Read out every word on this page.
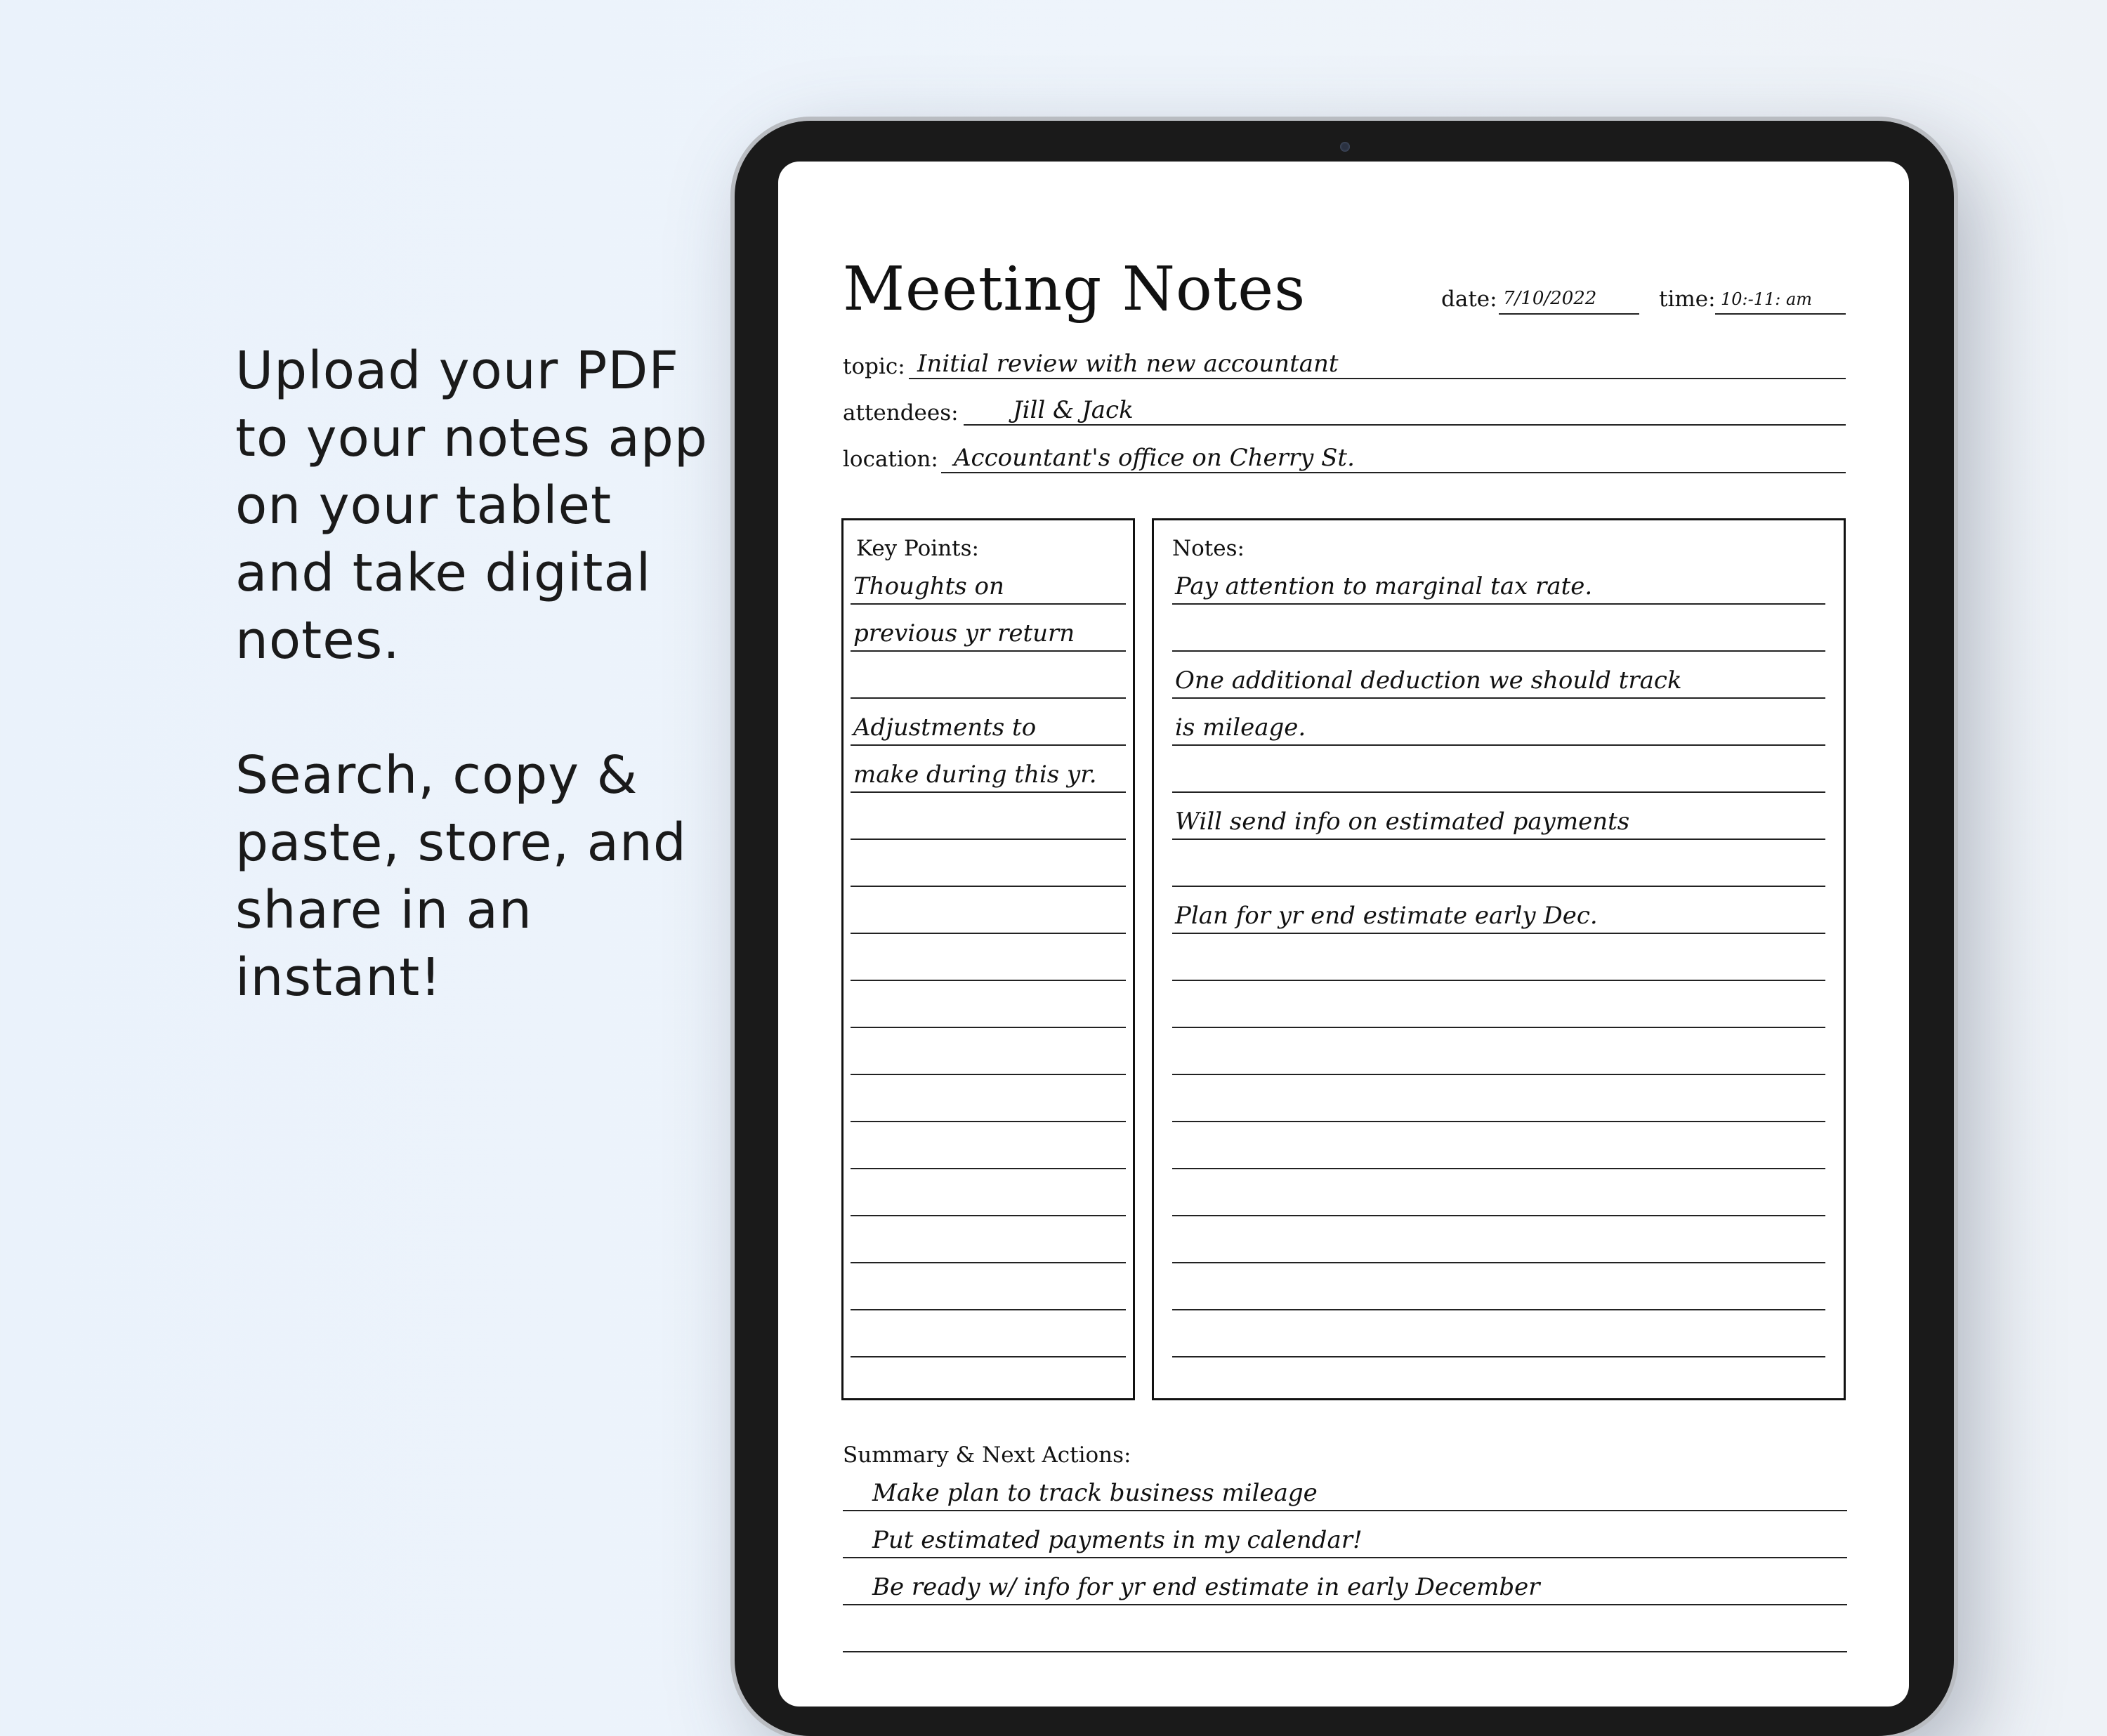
Upload your PDF to your notes app on your tablet and take digital notes.

Search, copy & paste, store, and share in an instant!

Meeting Notes	date: 7/10/2022	time: 10:-11: am
topic: Initial review with new accountant
attendees: Jill & Jack
location: Accountant's office on Cherry St.
Key Points:
Thoughts on
previous yr return
Adjustments to
make during this yr.
Notes:
Pay attention to marginal tax rate.
One additional deduction we should track
is mileage.
Will send info on estimated payments
Plan for yr end estimate early Dec.
Summary & Next Actions:
Make plan to track business mileage
Put estimated payments in my calendar!
Be ready w/ info for yr end estimate in early December
